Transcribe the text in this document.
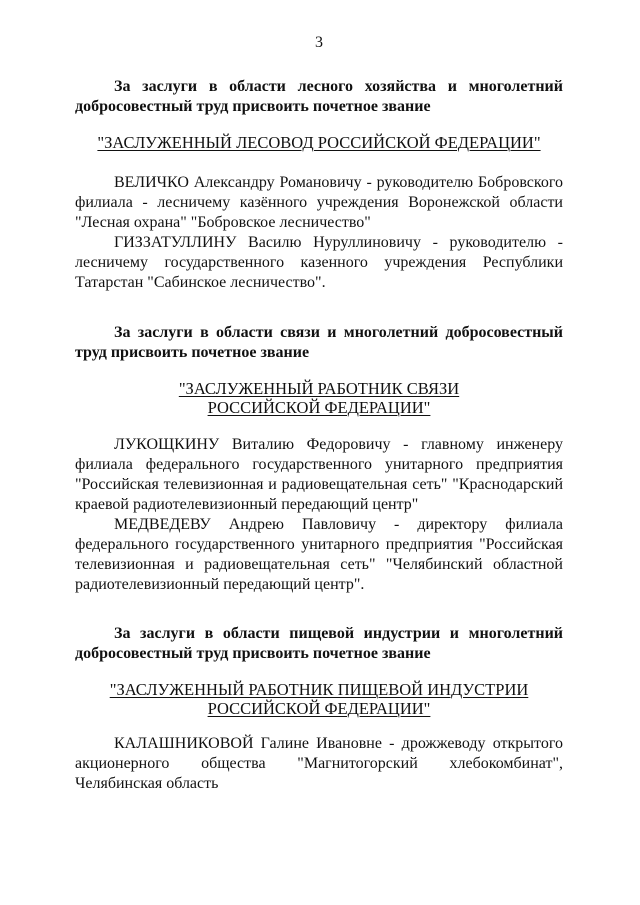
3

За заслуги в области лесного хозяйства и многолетний добросовестный труд присвоить почетное звание

"ЗАСЛУЖЕННЫЙ ЛЕСОВОД РОССИЙСКОЙ ФЕДЕРАЦИИ"

ВЕЛИЧКО Александру Романовичу - руководителю Бобровского филиала - лесничему казённого учреждения Воронежской области "Лесная охрана" "Бобровское лесничество"

ГИЗЗАТУЛЛИНУ Василю Нуруллиновичу - руководителю - лесничему государственного казенного учреждения Республики Татарстан "Сабинское лесничество".

За заслуги в области связи и многолетний добросовестный труд присвоить почетное звание

"ЗАСЛУЖЕННЫЙ РАБОТНИК СВЯЗИ
РОССИЙСКОЙ ФЕДЕРАЦИИ"

ЛУКОЩКИНУ Виталию Федоровичу - главному инженеру филиала федерального государственного унитарного предприятия "Российская телевизионная и радиовещательная сеть" "Краснодарский краевой радиотелевизионный передающий центр"

МЕДВЕДЕВУ Андрею Павловичу - директору филиала федерального государственного унитарного предприятия "Российская телевизионная и радиовещательная сеть" "Челябинский областной радиотелевизионный передающий центр".

За заслуги в области пищевой индустрии и многолетний добросовестный труд присвоить почетное звание

"ЗАСЛУЖЕННЫЙ РАБОТНИК ПИЩЕВОЙ ИНДУСТРИИ
РОССИЙСКОЙ ФЕДЕРАЦИИ"

КАЛАШНИКОВОЙ Галине Ивановне - дрожжеводу открытого акционерного общества "Магнитогорский хлебокомбинат", Челябинская область
